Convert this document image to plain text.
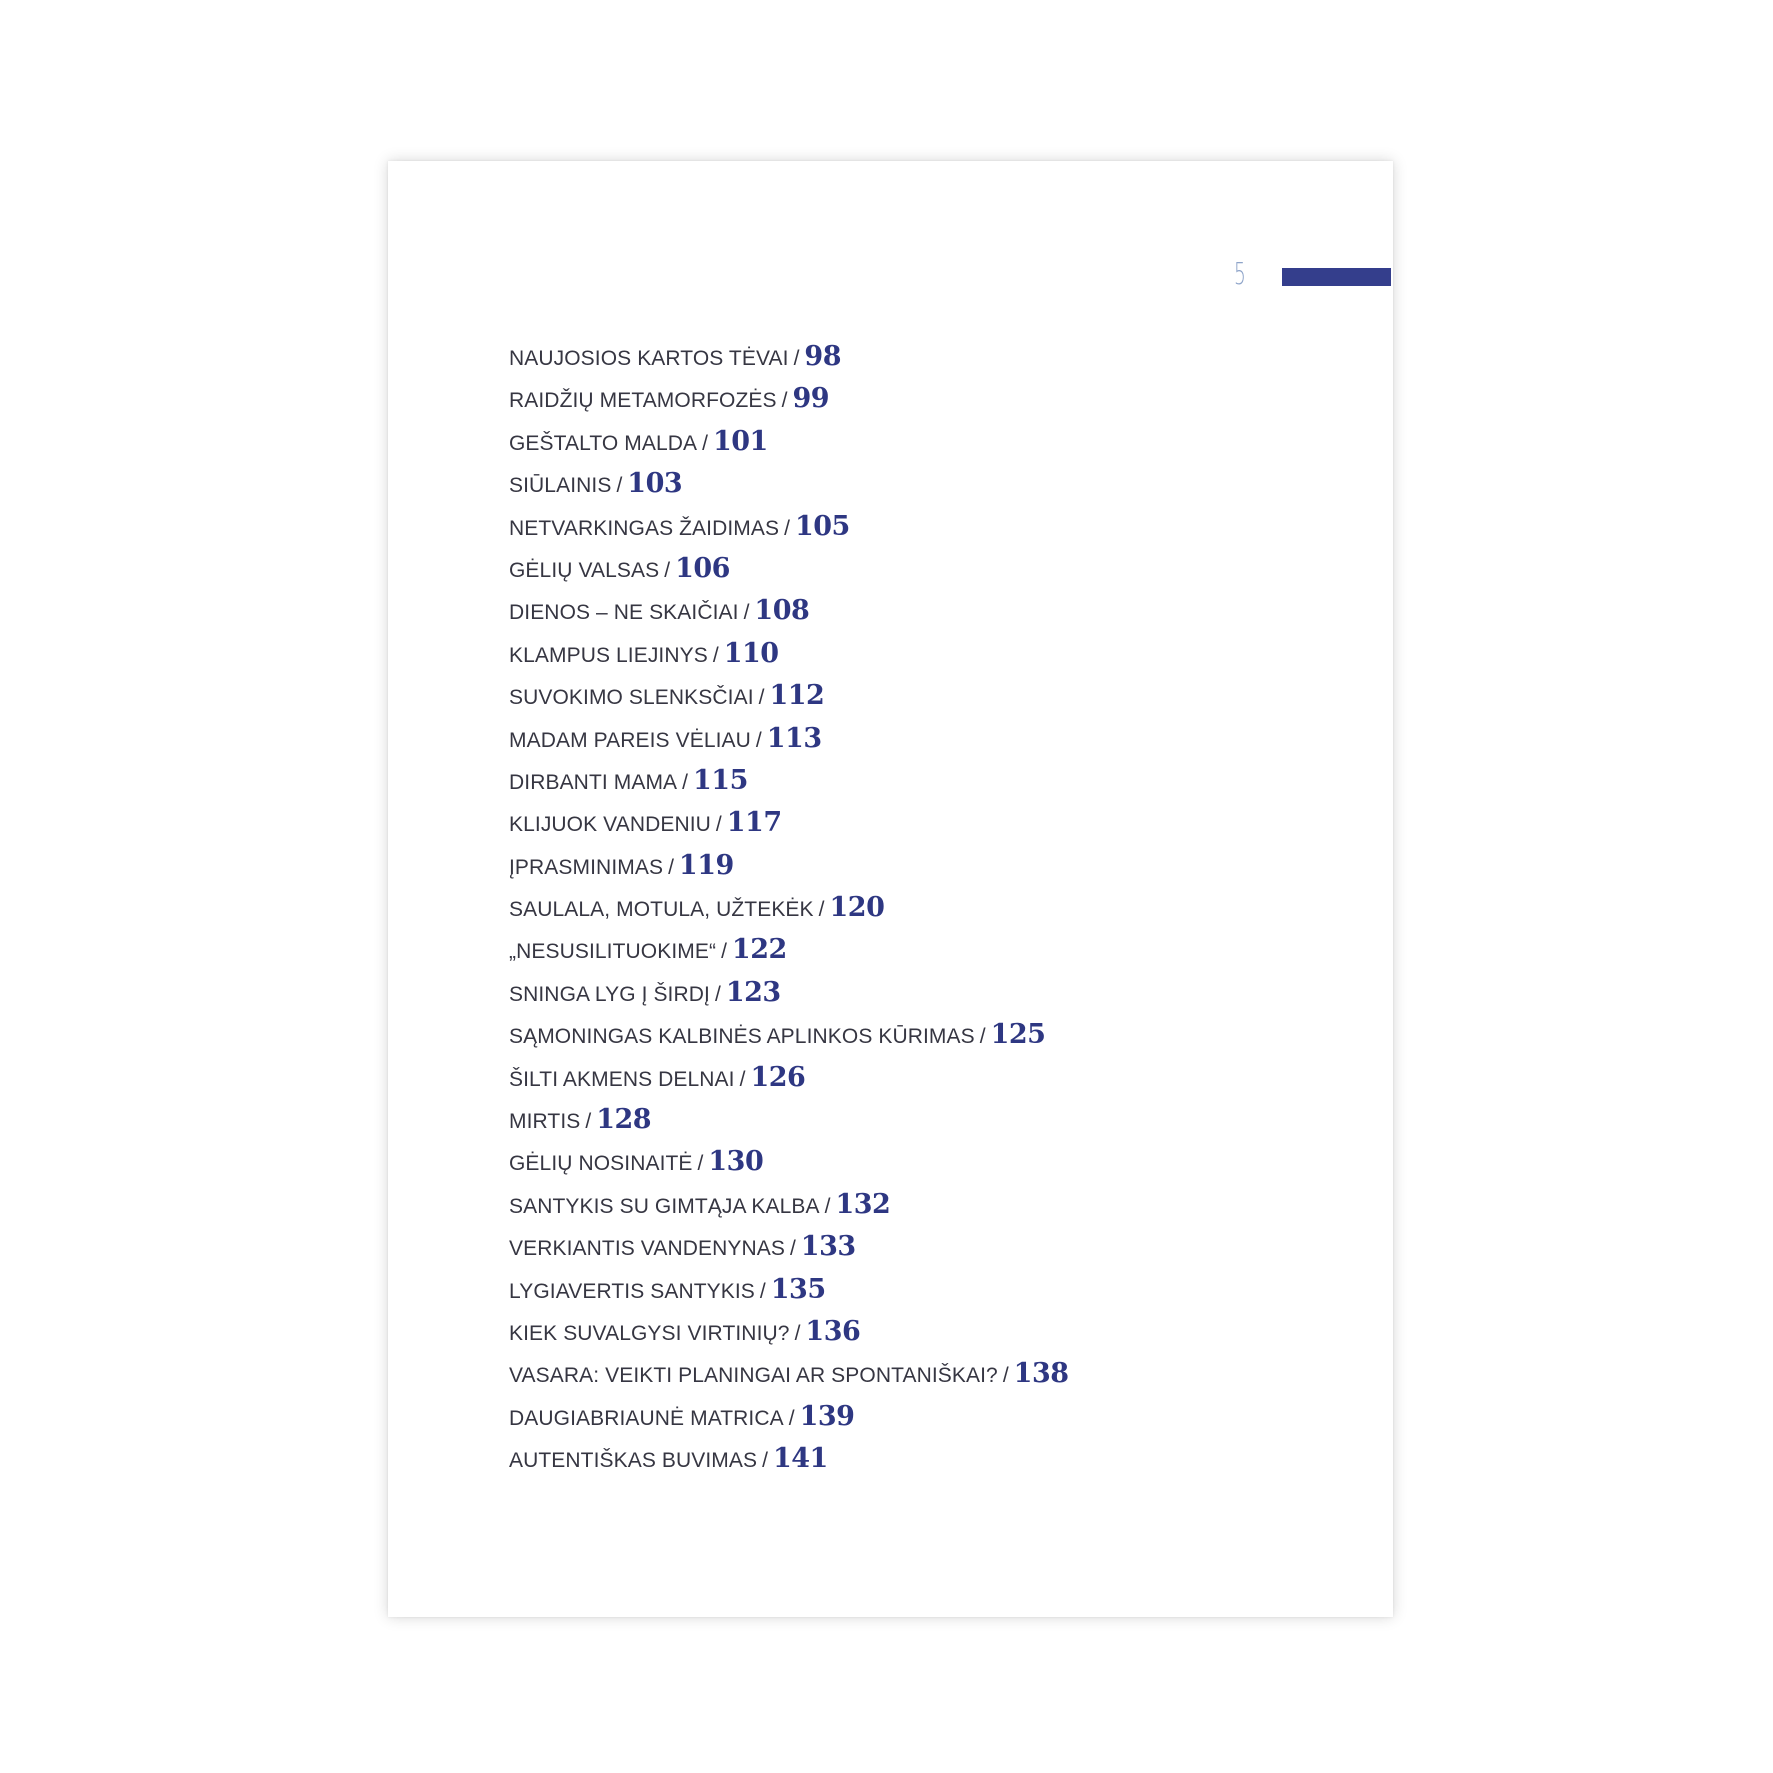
5
NAUJOSIOS KARTOS TĖVAI / 98
RAIDŽIŲ METAMORFOZĖS / 99
GEŠTALTO MALDA / 101
SIŪLAINIS / 103
NETVARKINGAS ŽAIDIMAS / 105
GĖLIŲ VALSAS / 106
DIENOS – NE SKAIČIAI / 108
KLAMPUS LIEJINYS / 110
SUVOKIMO SLENKSČIAI / 112
MADAM PAREIS VĖLIAU / 113
DIRBANTI MAMA / 115
KLIJUOK VANDENIU / 117
ĮPRASMINIMAS / 119
SAULALA, MOTULA, UŽTEKĖK / 120
„NESUSILITUOKIME“ / 122
SNINGA LYG Į ŠIRDĮ / 123
SĄMONINGAS KALBINĖS APLINKOS KŪRIMAS / 125
ŠILTI AKMENS DELNAI / 126
MIRTIS / 128
GĖLIŲ NOSINAITĖ / 130
SANTYKIS SU GIMTĄJA KALBA / 132
VERKIANTIS VANDENYNAS / 133
LYGIAVERTIS SANTYKIS / 135
KIEK SUVALGYSI VIRTINIŲ? / 136
VASARA: VEIKTI PLANINGAI AR SPONTANIŠKAI? / 138
DAUGIABRIAUNĖ MATRICA / 139
AUTENTIŠKAS BUVIMAS / 141
